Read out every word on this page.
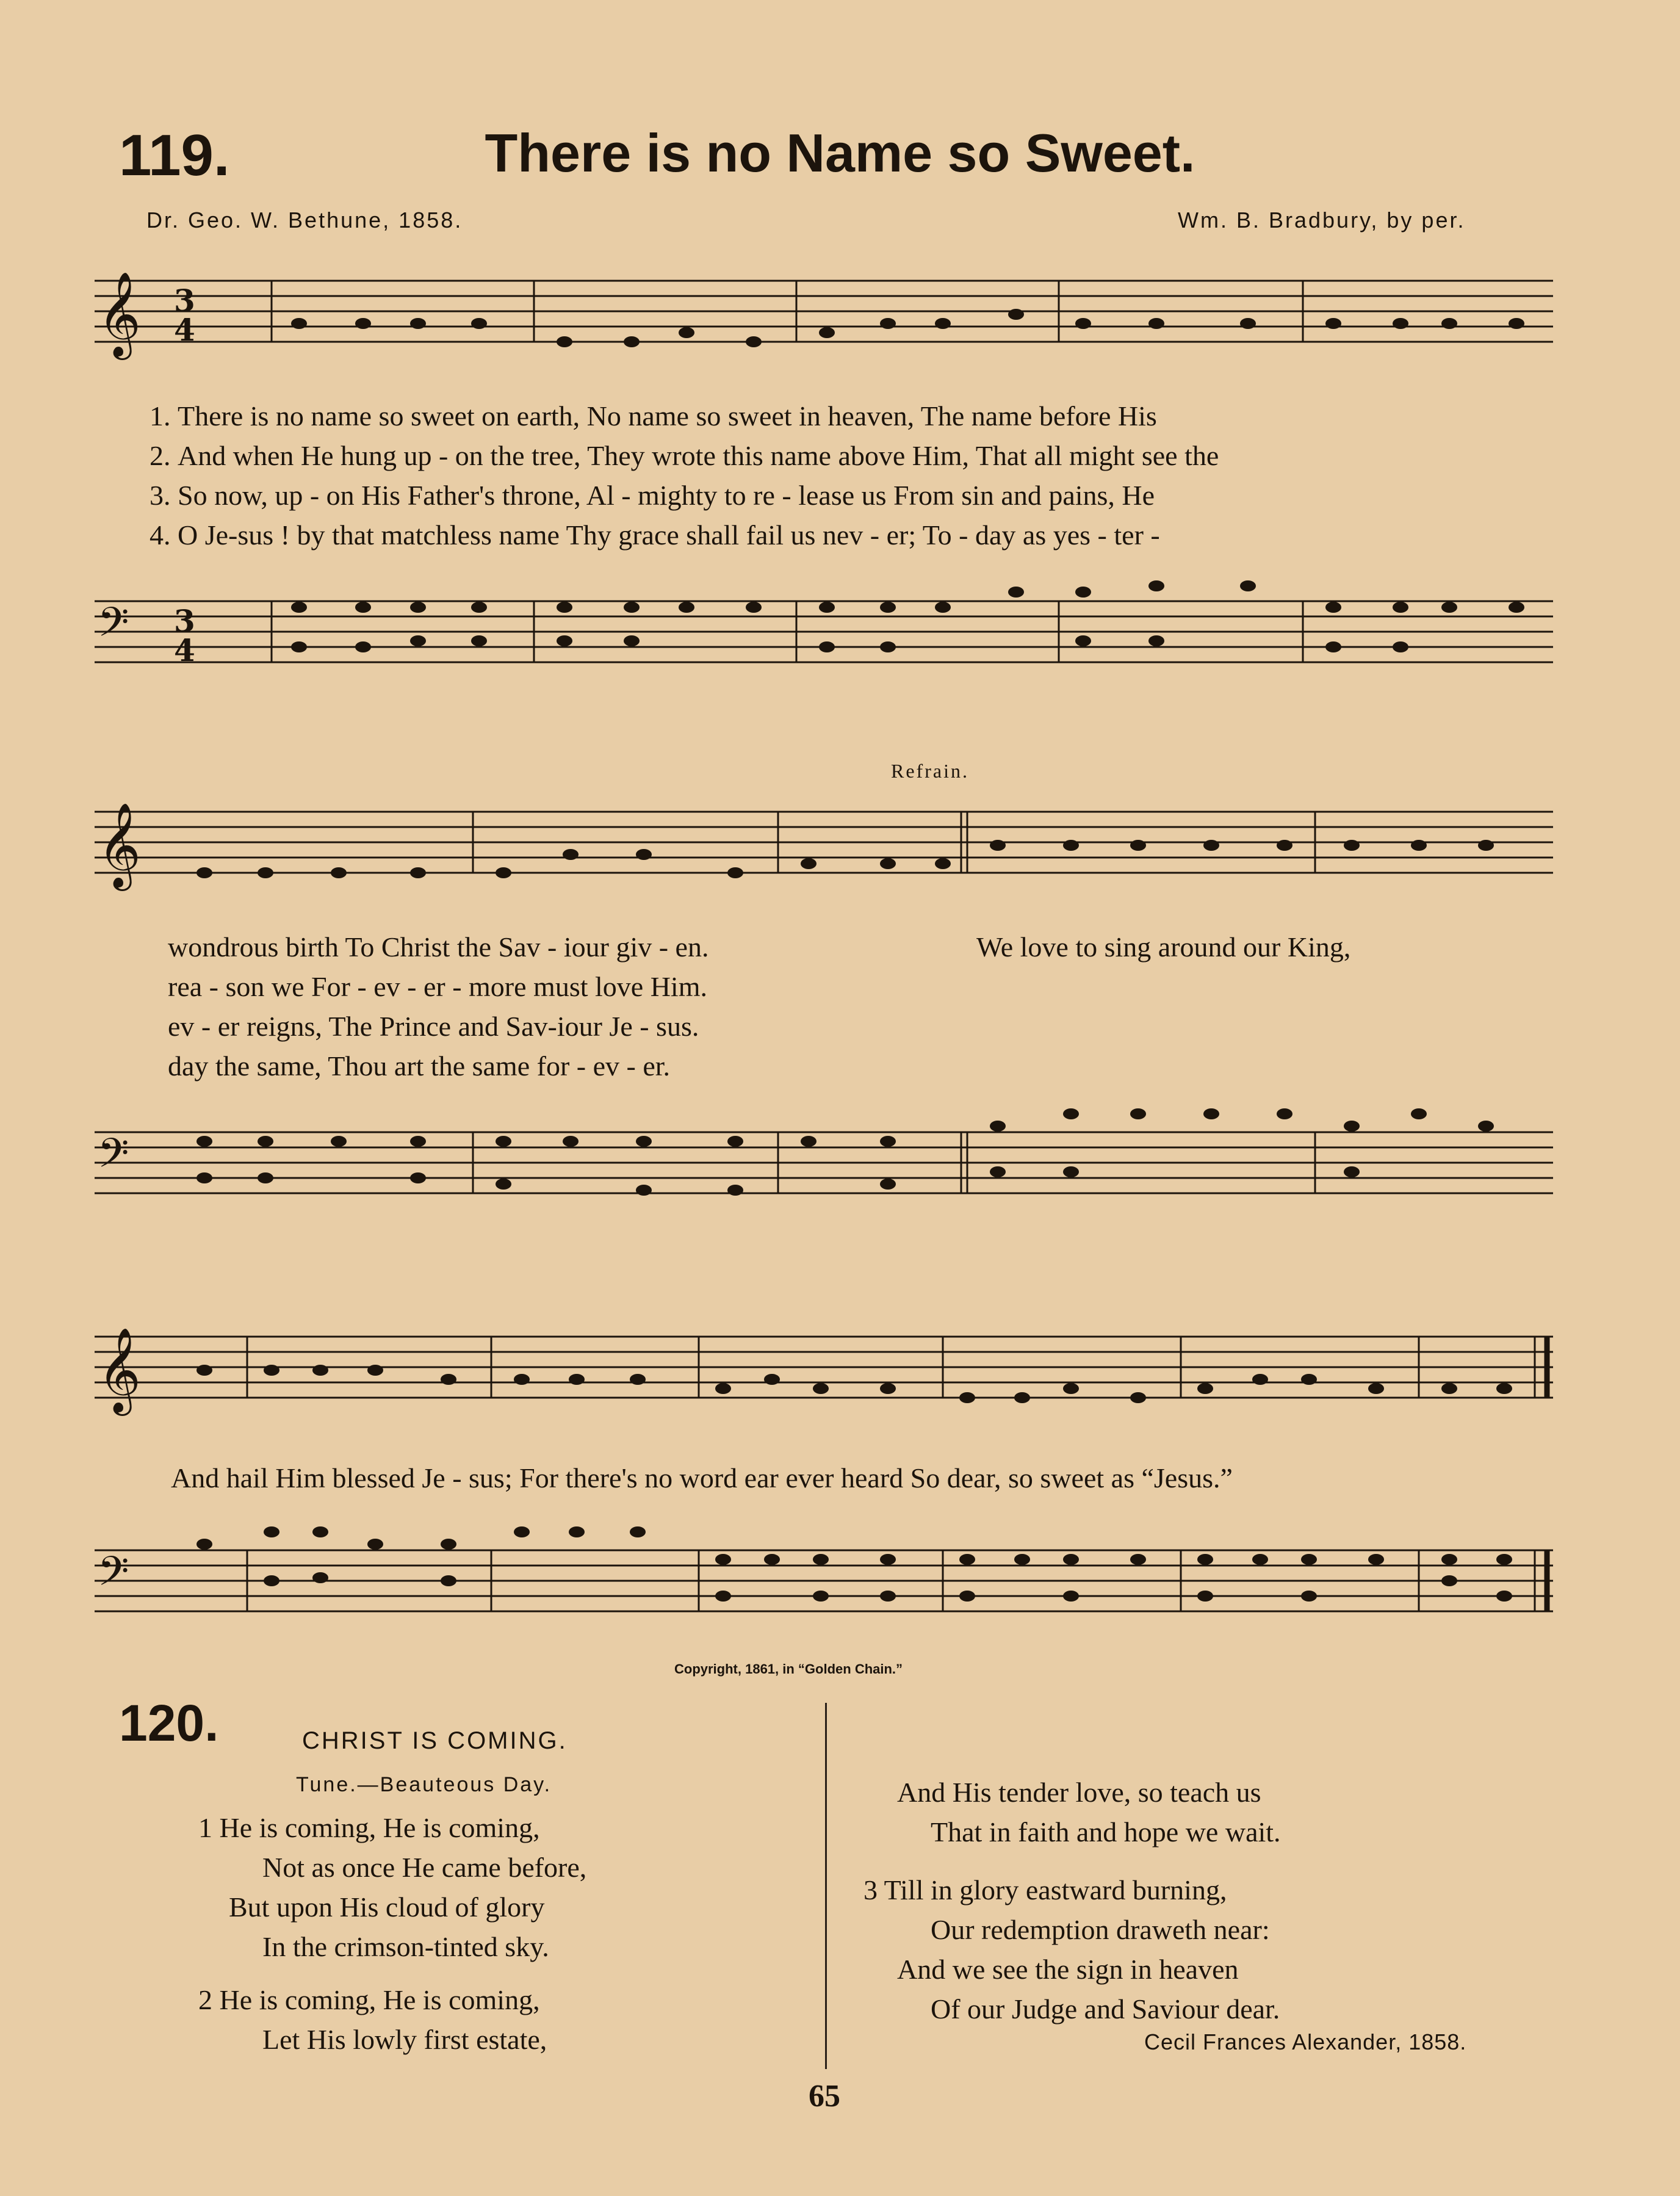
119.	There is no Name so Sweet.
Dr. Geo. W. Bethune, 1858.	Wm. B. Bradbury, by per.
𝄞 3
4
1. There is no name so sweet on earth, No name so sweet in heaven, The name before His
2. And when He hung up - on the tree, They wrote this name above Him, That all might see the
3. So now, up - on His Father's throne, Al - mighty to re - lease us From sin and pains, He
4. O Je-sus ! by that matchless name Thy grace shall fail us nev - er; To - day as yes - ter -
𝄢 3
4
Refrain.
𝄞
wondrous birth To Christ the Sav - iour giv - en.
rea - son we For - ev - er - more must love Him.
ev - er reigns, The Prince and Sav-iour Je - sus.
day the same, Thou art the same for - ev - er.
We love to sing around our King,
𝄢
𝄞
And hail Him blessed Je - sus; For there's no word ear ever heard So dear, so sweet as “Jesus.”
𝄢
Copyright, 1861, in “Golden Chain.”
120.	CHRIST IS COMING.
Tune.—Beauteous Day.
1 He is coming, He is coming,
Not as once He came before,
But upon His cloud of glory
In the crimson-tinted sky.
2 He is coming, He is coming,
Let His lowly first estate,
And His tender love, so teach us
That in faith and hope we wait.
3 Till in glory eastward burning,
Our redemption draweth near:
And we see the sign in heaven
Of our Judge and Saviour dear.
Cecil Frances Alexander, 1858.
65
